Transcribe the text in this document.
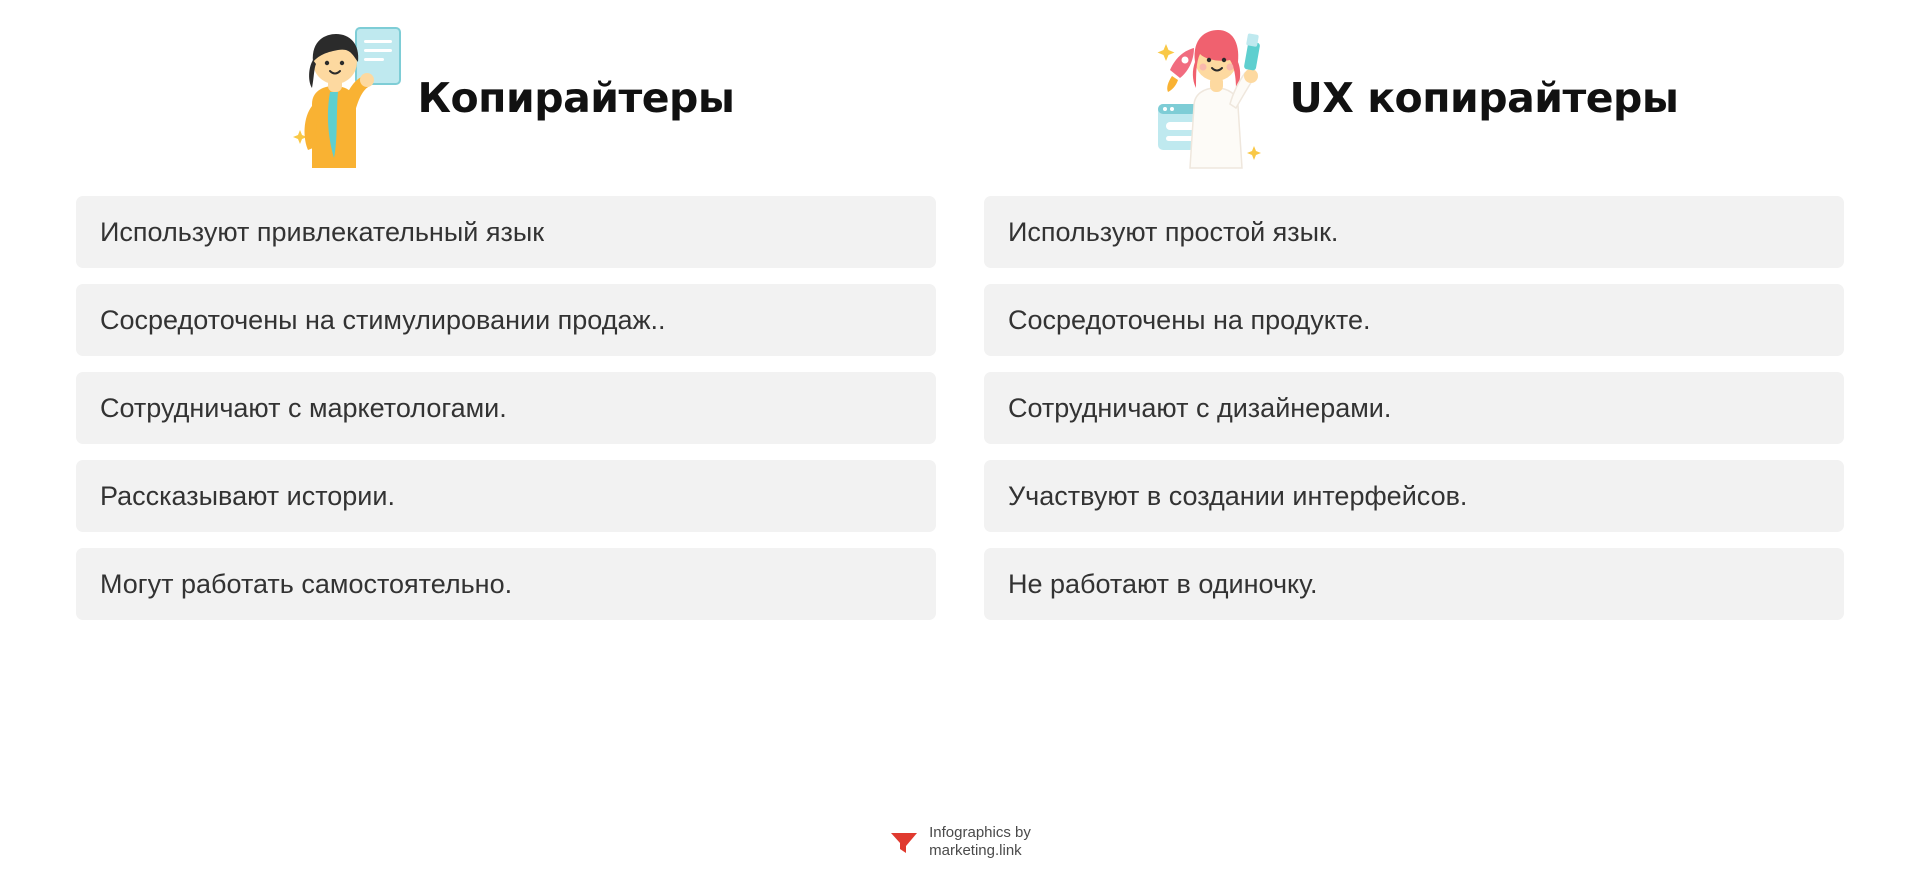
Копирайтеры
Используют привлекательный язык
Сосредоточены на стимулировании продаж..
Сотрудничают с маркетологами.
Рассказывают истории.
Могут работать самостоятельно.
UX копирайтеры
Используют простой язык.
Сосредоточены на продукте.
Сотрудничают с дизайнерами.
Участвуют в создании интерфейсов.
Не работают в одиночку.
Infographics by
marketing.link
